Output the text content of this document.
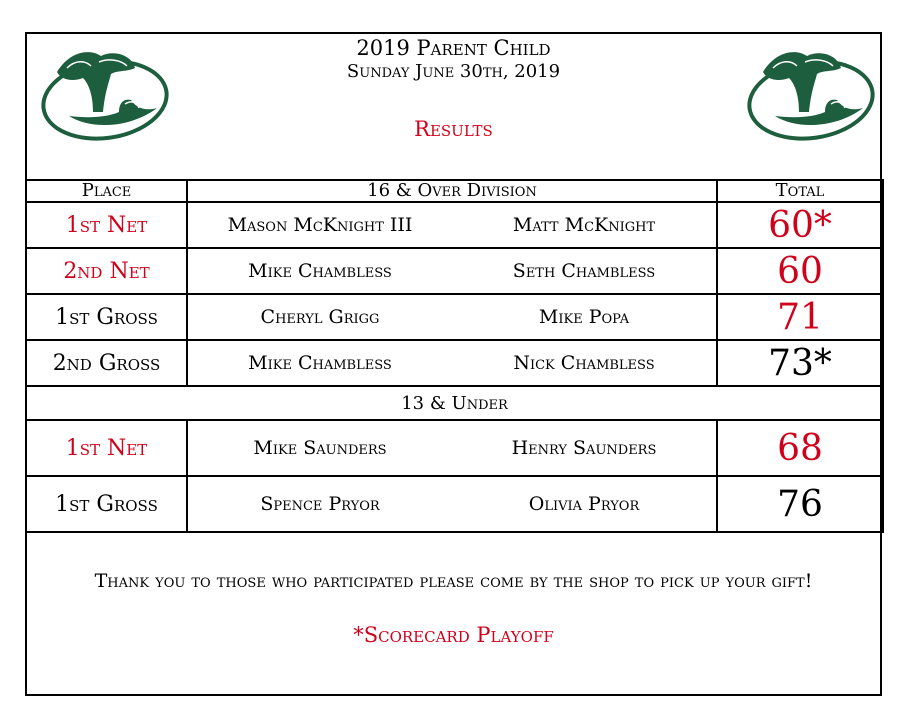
2019 Parent Child
Sunday June 30th, 2019
Results
Place	16 & Over Division		Total
1st Net	Mason McKnight III	Matt McKnight	60*
2nd Net	Mike Chambless	Seth Chambless	60
1st Gross	Cheryl Grigg	Mike Popa	71
2nd Gross	Mike Chambless	Nick Chambless	73*
13 & Under			
1st Net	Mike Saunders	Henry Saunders	68
1st Gross	Spence Pryor	Olivia Pryor	76
Thank you to those who participated please come by the shop to pick up your gift!
*Scorecard Playoff
